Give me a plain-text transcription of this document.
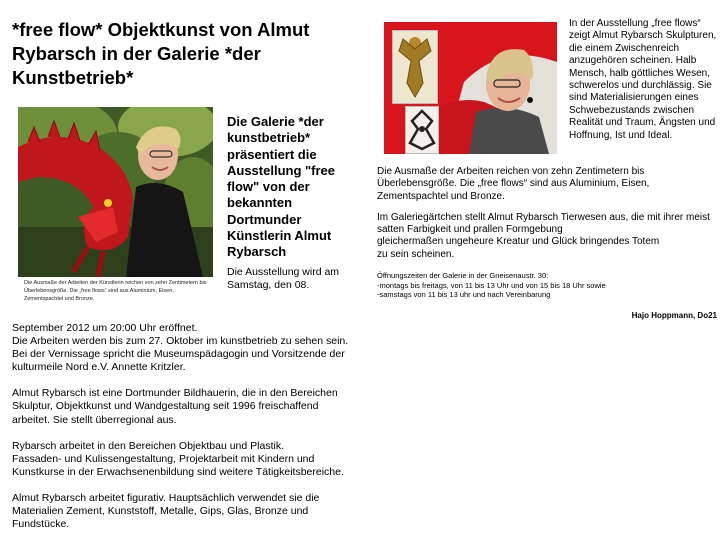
*free flow* Objektkunst von Almut Rybarsch in der Galerie *der Kunstbetrieb*
Die Ausmaße der Arbeiten der Künstlerin reichen von zehn Zentimetern bis Überlebensgröße. Die „free flows“ sind aus Aluminium, Eisen, Zementspachtel und Bronze.
Die Galerie *der kunstbetrieb* präsentiert die Ausstellung "free flow" von der bekannten Dortmunder Künstlerin Almut Rybarsch
Die Ausstellung wird am Samstag, den 08.

September 2012 um 20:00 Uhr eröffnet.
Die Arbeiten werden bis zum 27. Oktober im kunstbetrieb zu sehen sein.
Bei der Vernissage spricht die Museumspädagogin und Vorsitzende der kulturmeile Nord e.V. Annette Kritzler.

Almut Rybarsch ist eine Dortmunder Bildhauerin, die in den Bereichen Skulptur, Objektkunst und Wandgestaltung seit 1996 freischaffend arbeitet. Sie stellt überregional aus.

Rybarsch arbeitet in den Bereichen Objektbau und Plastik.
Fassaden- und Kulissengestaltung, Projektarbeit mit Kindern und Kunstkurse in der Erwachsenenbildung sind weitere Tätigkeitsbereiche.

Almut Rybarsch arbeitet figurativ. Hauptsächlich verwendet sie die Materialien Zement, Kunststoff, Metalle, Gips, Glas, Bronze und Fundstücke.

In der Ausstellung „free flows“ zeigt Almut Rybarsch Skulpturen, die einem Zwischenreich anzugehören scheinen. Halb Mensch, halb göttliches Wesen, schwerelos und durchlässig. Sie sind Materialisierungen eines Schwebezustands zwischen Realität und Traum, Ängsten und Hoffnung, Ist und Ideal.

Die Ausmaße der Arbeiten reichen von zehn Zentimetern bis Überlebensgröße. Die „free flows“ sind aus Aluminium, Eisen, Zementspachtel und Bronze.

Im Galeriegärtchen stellt Almut Rybarsch Tierwesen aus, die mit ihrer meist satten Farbigkeit und prallen Formgebung
gleichermaßen ungeheure Kreatur und Glück bringendes Totem
zu sein scheinen.

Öffnungszeiten der Galerie in der Gneisenaustr. 30:
-montags bis freitags, von 11 bis 13 Uhr und von 15 bis 18 Uhr sowie
-samstags von 11 bis 13 uhr und nach Vereinbarung
Hajo Hoppmann, Do21
